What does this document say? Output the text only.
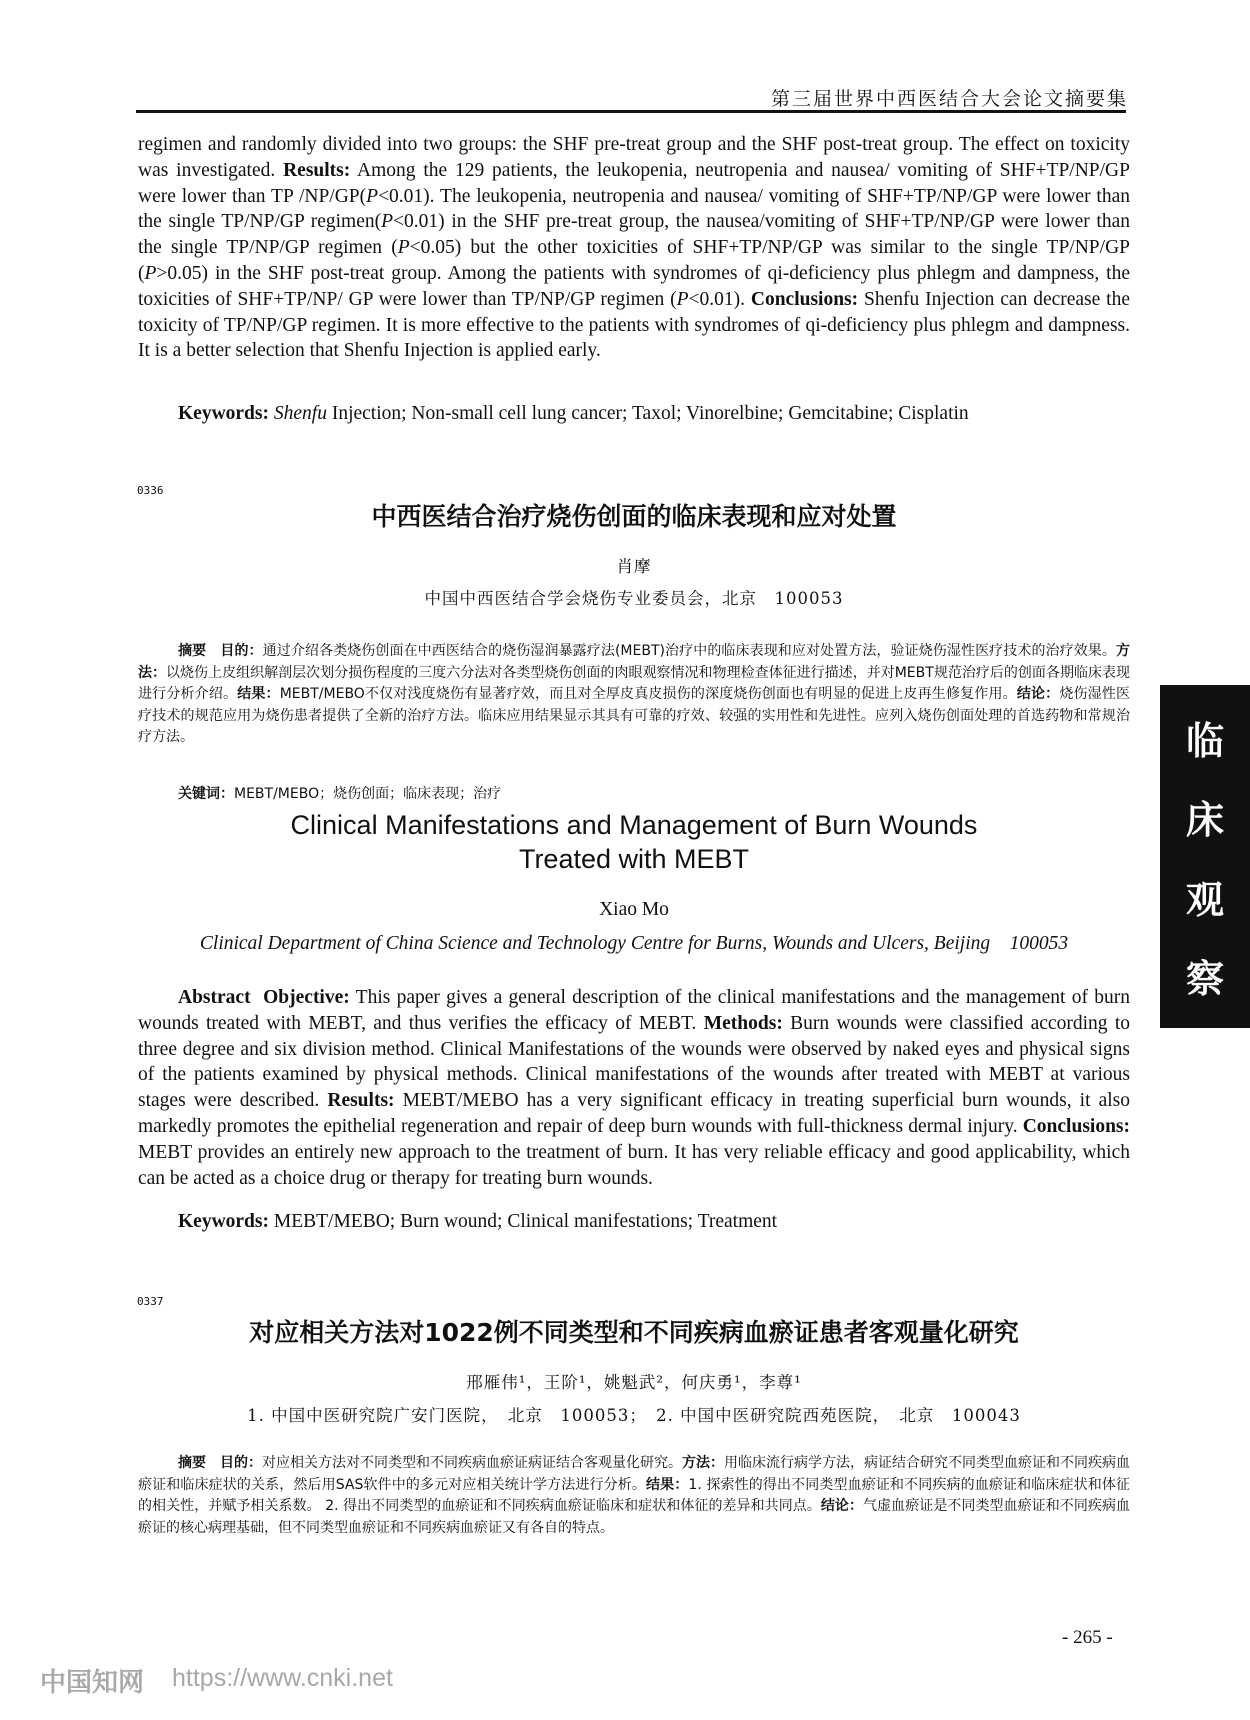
第三届世界中西医结合大会论文摘要集
regimen and randomly divided into two groups: the SHF pre-treat group and the SHF post-treat group. The effect on toxicity was investigated. Results: Among the 129 patients, the leukopenia, neutropenia and nausea/ vomiting of SHF+TP/NP/GP were lower than TP /NP/GP(P<0.01). The leukopenia, neutropenia and nausea/ vomiting of SHF+TP/NP/GP were lower than the single TP/NP/GP regimen(P<0.01) in the SHF pre-treat group, the nausea/vomiting of SHF+TP/NP/GP were lower than the single TP/NP/GP regimen (P<0.05) but the other toxicities of SHF+TP/NP/GP was similar to the single TP/NP/GP (P>0.05) in the SHF post-treat group. Among the patients with syndromes of qi-deficiency plus phlegm and dampness, the toxicities of SHF+TP/NP/ GP were lower than TP/NP/GP regimen (P<0.01). Conclusions: Shenfu Injection can decrease the toxicity of TP/NP/GP regimen. It is more effective to the patients with syndromes of qi-deficiency plus phlegm and dampness. It is a better selection that Shenfu Injection is applied early.
Keywords: Shenfu Injection; Non-small cell lung cancer; Taxol; Vinorelbine; Gemcitabine; Cisplatin
0336
中西医结合治疗烧伤创面的临床表现和应对处置
肖摩
中国中西医结合学会烧伤专业委员会，北京　100053
摘要　 目的：通过介绍各类烧伤创面在中西医结合的烧伤湿润暴露疗法(MEBT)治疗中的临床表现和应对处置方法，验证烧伤湿性医疗技术的治疗效果。方法：以烧伤上皮组织解剖层次划分损伤程度的三度六分法对各类型烧伤创面的肉眼观察情况和物理检查体征进行描述，并对MEBT规范治疗后的创面各期临床表现进行分析介绍。结果：MEBT/MEBO不仅对浅度烧伤有显著疗效，而且对全厚皮真皮损伤的深度烧伤创面也有明显的促进上皮再生修复作用。结论：烧伤湿性医疗技术的规范应用为烧伤患者提供了全新的治疗方法。临床应用结果显示其具有可靠的疗效、较强的实用性和先进性。应列入烧伤创面处理的首选药物和常规治疗方法。
关键词：MEBT/MEBO；烧伤创面；临床表现；治疗
Clinical Manifestations and Management of Burn Wounds
Treated with MEBT
Xiao Mo
Clinical Department of China Science and Technology Centre for Burns, Wounds and Ulcers, Beijing　100053
Abstract Objective: This paper gives a general description of the clinical manifestations and the management of burn wounds treated with MEBT, and thus verifies the efficacy of MEBT. Methods: Burn wounds were classified according to three degree and six division method. Clinical Manifestations of the wounds were observed by naked eyes and physical signs of the patients examined by physical methods. Clinical manifestations of the wounds after treated with MEBT at various stages were described. Results: MEBT/MEBO has a very significant efficacy in treating superficial burn wounds, it also markedly promotes the epithelial regeneration and repair of deep burn wounds with full-thickness dermal injury. Conclusions: MEBT provides an entirely new approach to the treatment of burn. It has very reliable efficacy and good applicability, which can be acted as a choice drug or therapy for treating burn wounds.
Keywords: MEBT/MEBO; Burn wound; Clinical manifestations; Treatment
0337
对应相关方法对1022例不同类型和不同疾病血瘀证患者客观量化研究
邢雁伟¹，王阶¹，姚魁武²，何庆勇¹，李尊¹
1. 中国中医研究院广安门医院，　北京　100053；　2. 中国中医研究院西苑医院，　北京　100043
摘要　 目的：对应相关方法对不同类型和不同疾病血瘀证病证结合客观量化研究。方法：用临床流行病学方法，病证结合研究不同类型血瘀证和不同疾病血瘀证和临床症状的关系，然后用SAS软件中的多元对应相关统计学方法进行分析。结果：1. 探索性的得出不同类型血瘀证和不同疾病的血瘀证和临床症状和体征的相关性，并赋予相关系数。 2. 得出不同类型的血瘀证和不同疾病血瘀证临床和症状和体征的差异和共同点。结论：气虚血瘀证是不同类型血瘀证和不同疾病血瘀证的核心病理基础，但不同类型血瘀证和不同疾病血瘀证又有各自的特点。
临
床
观
察
- 265 -
中国知网 https://www.cnki.net
